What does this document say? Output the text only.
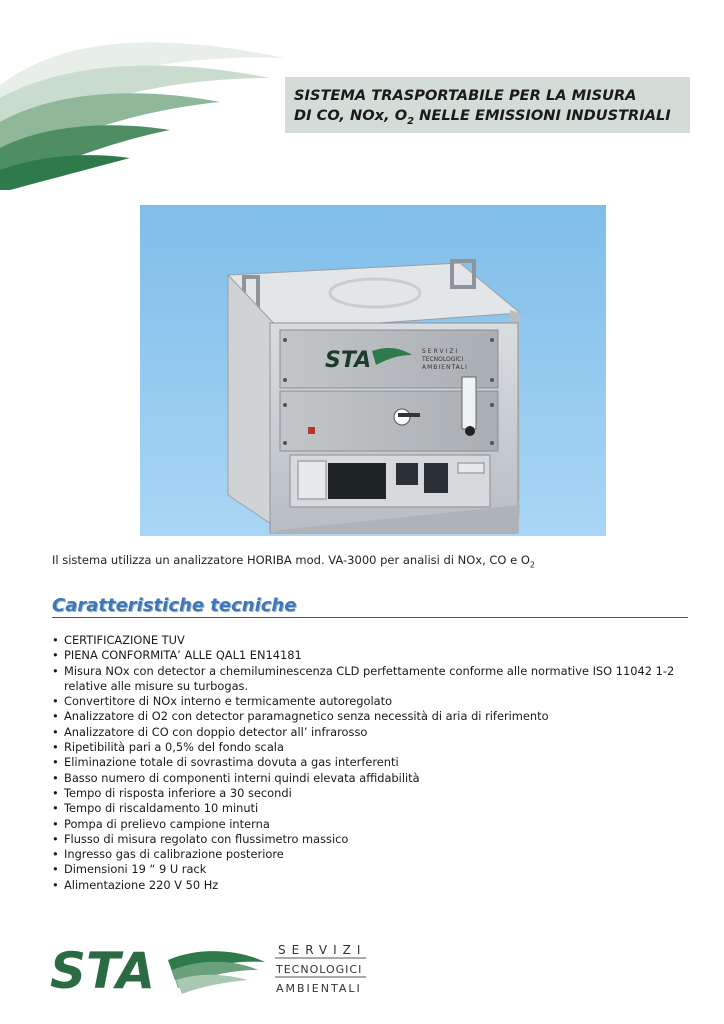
SISTEMA TRASPORTABILE PER LA MISURA
DI CO, NOx, $O_2$ NELLE EMISSIONI INDUSTRIALI
STA	SERVIZI
TECNOLOGICI
AMBIENTALI
Il sistema utilizza un analizzatore HORIBA mod. VA-3000 per analisi di NOx, CO e $O_2$
Caratteristiche tecniche
• CERTIFICAZIONE TUV
• PIENA CONFORMITA’ ALLE QAL1 EN14181
• Misura NOx con detector a chemiluminescenza CLD perfettamente conforme alle normative ISO 11042 1-2 relative alle misure su turbogas.
• Convertitore di NOx interno e termicamente autoregolato
• Analizzatore di O2 con detector paramagnetico senza necessità di aria di riferimento
• Analizzatore di CO con doppio detector all’ infrarosso
• Ripetibilità pari a 0,5% del fondo scala
• Eliminazione totale di sovrastima dovuta a gas interferenti
• Basso numero di componenti interni quindi elevata affidabilità
• Tempo di risposta inferiore a 30 secondi
• Tempo di riscaldamento 10 minuti
• Pompa di prelievo campione interna
• Flusso di misura regolato con flussimetro massico
• Ingresso gas di calibrazione posteriore
• Dimensioni 19 “ 9 U rack
• Alimentazione 220 V 50 Hz
STA	SERVIZI
TECNOLOGICI
AMBIENTALI
